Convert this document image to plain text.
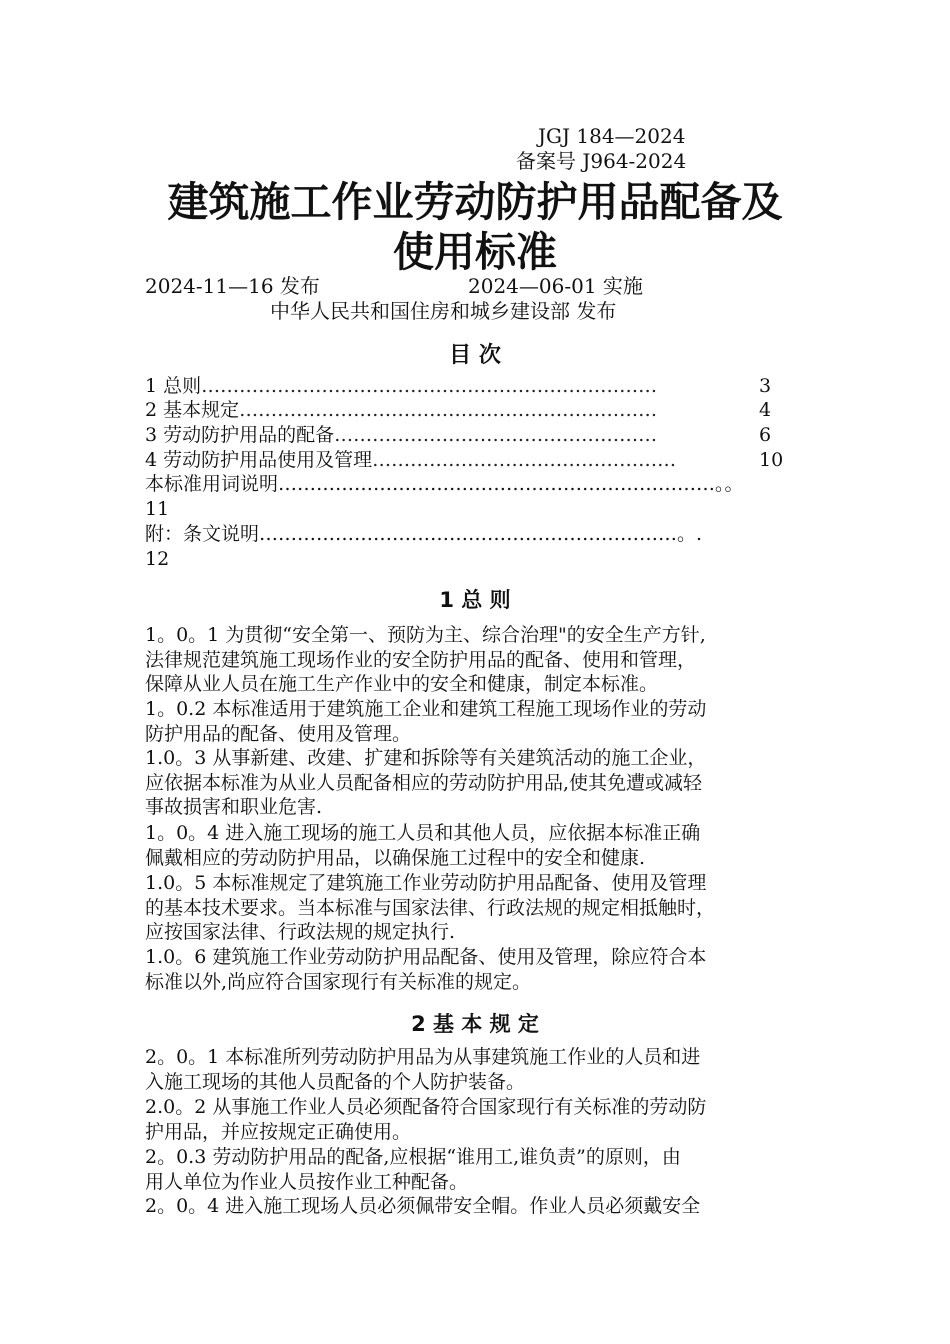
JGJ 184—2024
备案号 J964-2024
建筑施工作业劳动防护用品配备及
使用标准
2024-11—16 发布	2024—06-01 实施
中华人民共和国住房和城乡建设部 发布
目 次
1 总则………………………………………………………………	3
2 基本规定…………………………………………………………	4
3 劳动防护用品的配备……………………………………………	6
4 劳动防护用品使用及管理…………………………………………	10
本标准用词说明……………………………………………………………。。
11
附：条文说明…………………………………………………………。.
12
1 总 则
1。0。1 为贯彻“安全第一、预防为主、综合治理"的安全生产方针,
法律规范建筑施工现场作业的安全防护用品的配备、使用和管理，
保障从业人员在施工生产作业中的安全和健康，制定本标准。
1。0.2 本标准适用于建筑施工企业和建筑工程施工现场作业的劳动
防护用品的配备、使用及管理。
1.0。3 从事新建、改建、扩建和拆除等有关建筑活动的施工企业，
应依据本标准为从业人员配备相应的劳动防护用品,使其免遭或减轻
事故损害和职业危害.
1。0。4 进入施工现场的施工人员和其他人员，应依据本标准正确
佩戴相应的劳动防护用品，以确保施工过程中的安全和健康.
1.0。5 本标准规定了建筑施工作业劳动防护用品配备、使用及管理
的基本技术要求。当本标准与国家法律、行政法规的规定相抵触时，
应按国家法律、行政法规的规定执行.
1.0。6 建筑施工作业劳动防护用品配备、使用及管理，除应符合本
标准以外,尚应符合国家现行有关标准的规定。
2 基 本 规 定
2。0。1 本标准所列劳动防护用品为从事建筑施工作业的人员和进
入施工现场的其他人员配备的个人防护装备。
2.0。2 从事施工作业人员必须配备符合国家现行有关标准的劳动防
护用品，并应按规定正确使用。
2。0.3 劳动防护用品的配备,应根据“谁用工,谁负责”的原则，由
用人单位为作业人员按作业工种配备。
2。0。4 进入施工现场人员必须佩带安全帽。作业人员必须戴安全
